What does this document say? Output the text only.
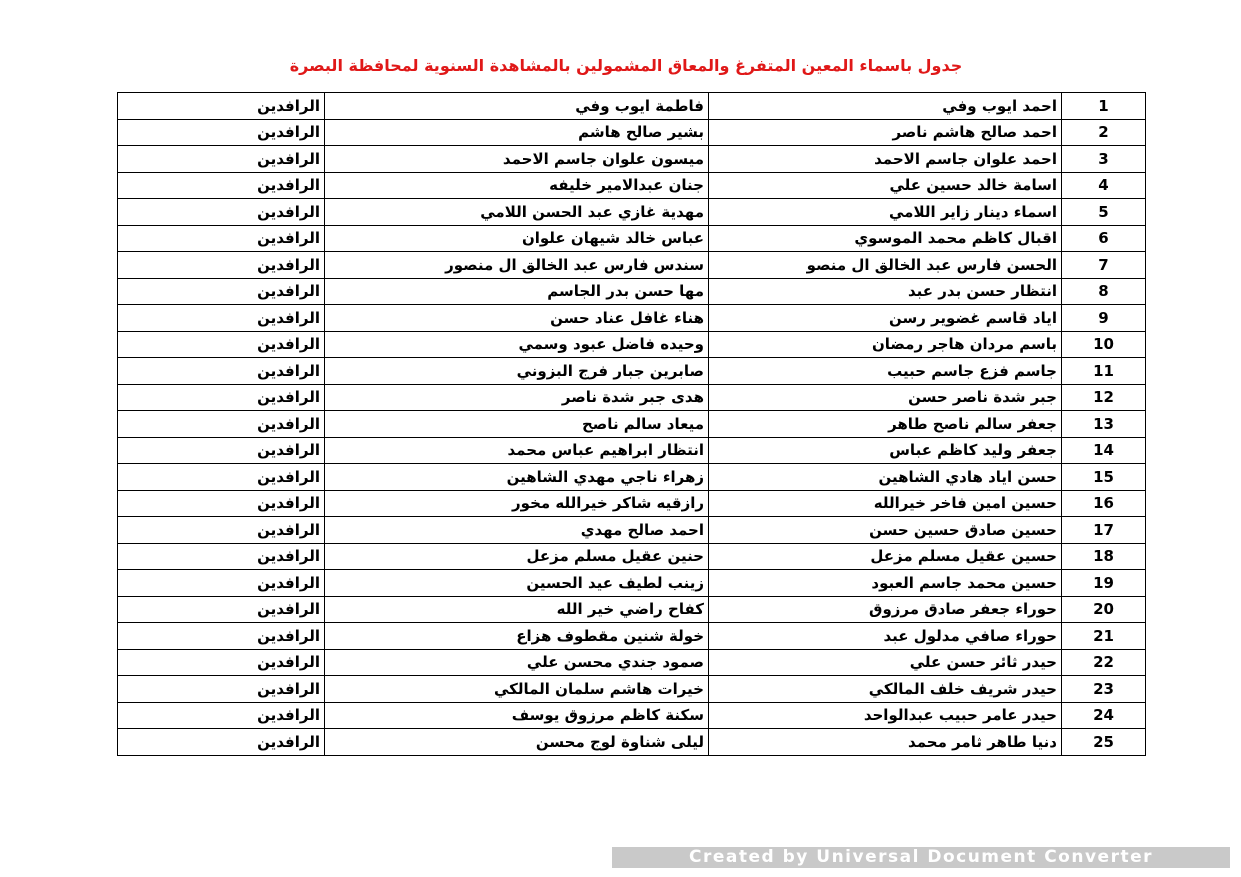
جدول باسماء المعين المتفرغ والمعاق المشمولين بالمشاهدة السنوية لمحافظة البصرة
الرافدين	فاطمة ايوب وفي	احمد ايوب وفي	1
الرافدين	بشير صالح هاشم	احمد صالح هاشم ناصر	2
الرافدين	ميسون علوان جاسم الاحمد	احمد علوان جاسم الاحمد	3
الرافدين	جنان عبدالامير خليفه	اسامة خالد حسين علي	4
الرافدين	مهدية غازي عبد الحسن اللامي	اسماء دينار زاير اللامي	5
الرافدين	عباس خالد شيهان علوان	اقبال كاظم محمد الموسوي	6
الرافدين	سندس فارس عبد الخالق ال منصور	الحسن فارس عبد الخالق ال منصو	7
الرافدين	مها حسن بدر الجاسم	انتظار حسن بدر عبد	8
الرافدين	هناء غافل عناد حسن	اياد قاسم غضوير رسن	9
الرافدين	وحيده فاضل عبود وسمي	باسم مردان هاجر رمضان	10
الرافدين	صابرين جبار فرج البزوني	جاسم فزع جاسم حبيب	11
الرافدين	هدى جبر شدة ناصر	جبر شدة ناصر حسن	12
الرافدين	ميعاد سالم ناصح	جعفر سالم ناصح طاهر	13
الرافدين	انتظار ابراهيم عباس محمد	جعفر وليد كاظم عباس	14
الرافدين	زهراء ناجي مهدي الشاهين	حسن اياد هادي الشاهين	15
الرافدين	رازقيه شاكر خيرالله مخور	حسين امين فاخر خيرالله	16
الرافدين	احمد صالح مهدي	حسين صادق حسين حسن	17
الرافدين	حنين عقيل مسلم مزعل	حسين عقيل مسلم مزعل	18
الرافدين	زينب لطيف عيد الحسين	حسين محمد جاسم العبود	19
الرافدين	كفاح راضي خير الله	حوراء جعفر صادق مرزوق	20
الرافدين	خولة شنين مقطوف هزاع	حوراء صافي مدلول عبد	21
الرافدين	صمود جندي محسن علي	حيدر ثائر حسن علي	22
الرافدين	خيرات هاشم سلمان المالكي	حيدر شريف خلف المالكي	23
الرافدين	سكنة كاظم مرزوق يوسف	حيدر عامر حبيب عبدالواحد	24
الرافدين	ليلى شناوة لوج محسن	دنيا طاهر ثامر محمد	25
Created by Universal Document Converter
